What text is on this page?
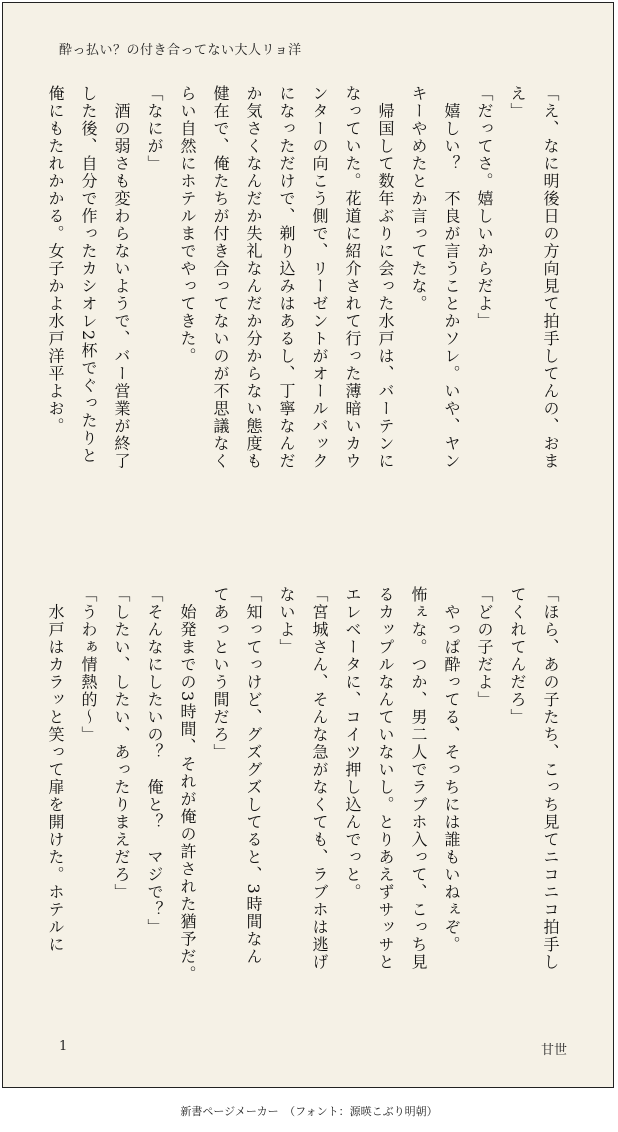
酔っ払い？の付き合ってない大人リョ洋

「え、なに明後日の方向見て拍手してんの、おま

え」

「だってさ。嬉しいからだよ」

　嬉しい？　不良が言うことかソレ。いや、ヤン

キーやめたとか言ってたな。

　帰国して数年ぶりに会った水戸は、バーテンに

なっていた。花道に紹介されて行った薄暗いカウ

ンターの向こう側で、リーゼントがオールバック

になっただけで、剃り込みはあるし、丁寧なんだ

か気さくなんだか失礼なんだか分からない態度も

健在で、俺たちが付き合ってないのが不思議なく

らい自然にホテルまでやってきた。

「なにが」

　酒の弱さも変わらないようで、バー営業が終了

した後、自分で作ったカシオレ2杯でぐったりと

俺にもたれかかる。女子かよ水戸洋平よお。

「ほら、あの子たち、こっち見てニコニコ拍手し

てくれてんだろ」

「どの子だよ」

　やっぱ酔ってる、そっちには誰もいねぇぞ。

怖ぇな。つか、男二人でラブホ入って、こっち見

るカップルなんていないし。とりあえずサッサと

エレベータに、コイツ押し込んでっと。

「宮城さん、そんな急がなくても、ラブホは逃げ

ないよ」

「知ってっけど、グズグズしてると、3時間なん

てあっという間だろ」

　始発までの3時間、それが俺の許された猶予だ。

「そんなにしたいの？　俺と？　マジで？」

「したい、したい、あったりまえだろ」

「うわぁ情熱的～」

　水戸はカラッと笑って扉を開けた。ホテルに

1	甘世
新書ページメーカー　（フォント：源暎こぶり明朝）
